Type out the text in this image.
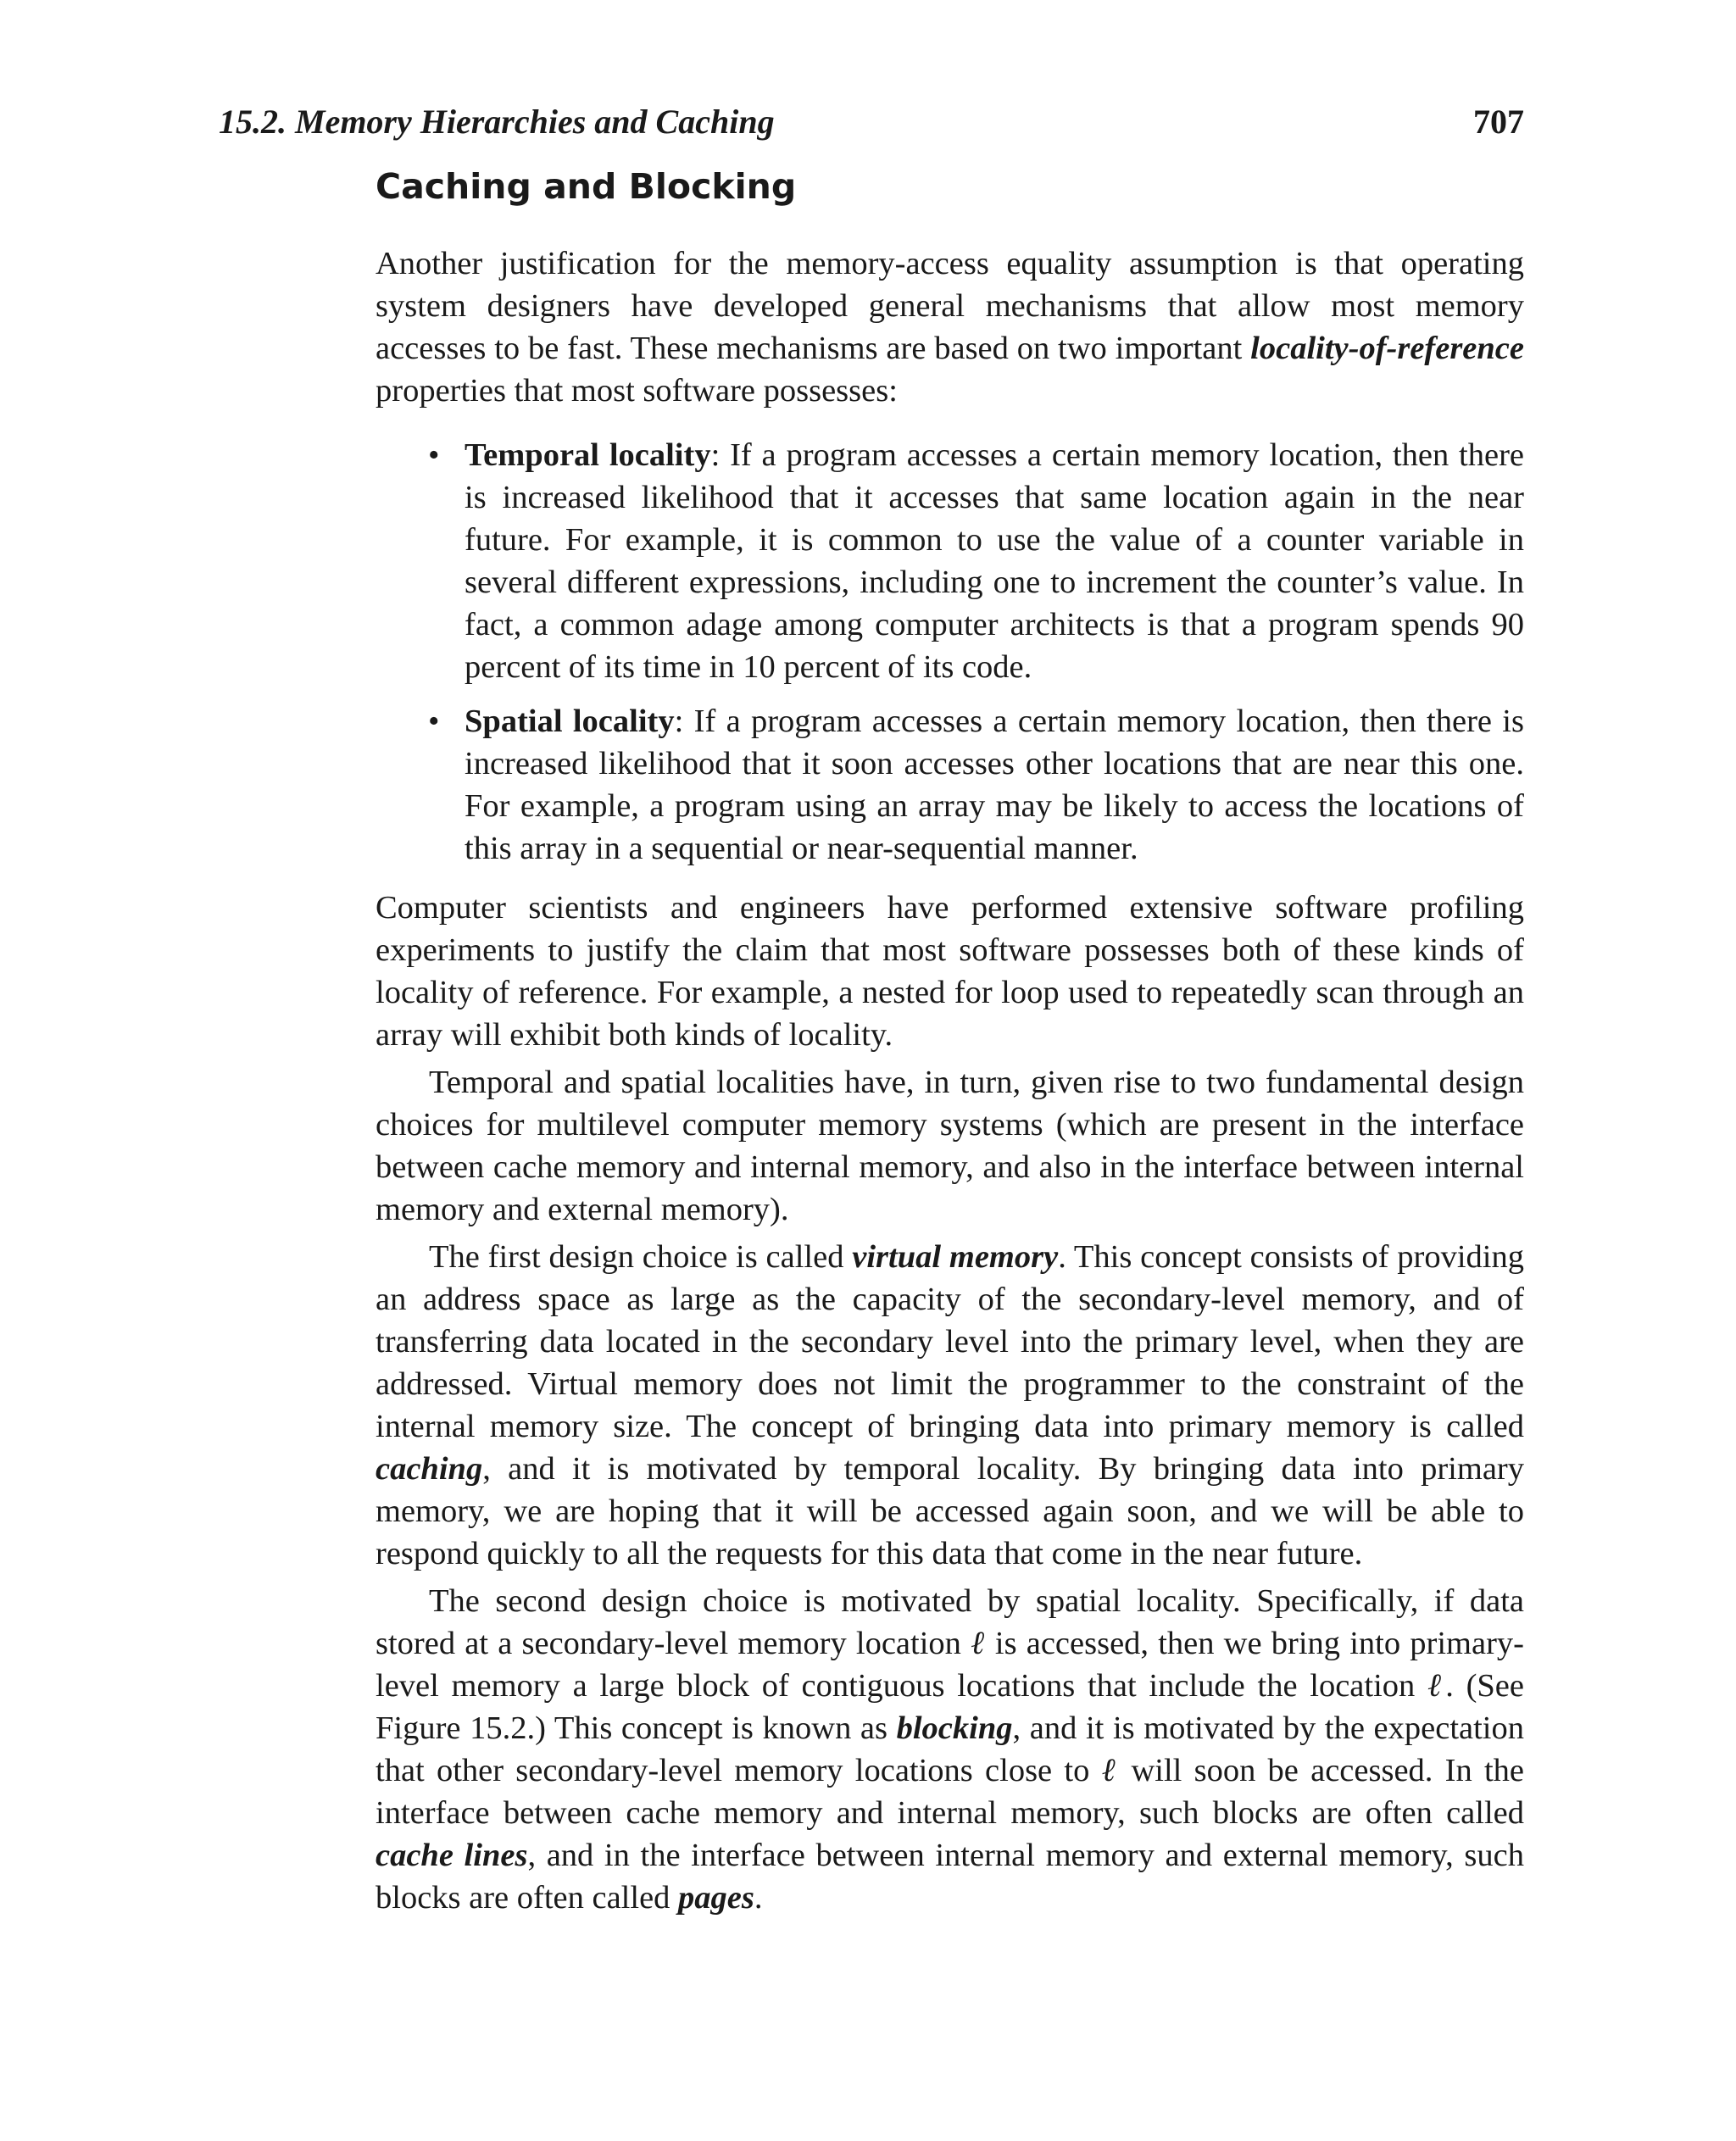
15.2. Memory Hierarchies and Caching	707
Caching and Blocking

Another justification for the memory-access equality assumption is that operating system designers have developed general mechanisms that allow most memory accesses to be fast. These mechanisms are based on two important locality-of-reference properties that most software possesses:

• Temporal locality: If a program accesses a certain memory location, then there is increased likelihood that it accesses that same location again in the near future. For example, it is common to use the value of a counter variable in several different expressions, including one to increment the counter’s value. In fact, a common adage among computer architects is that a program spends 90 percent of its time in 10 percent of its code.
• Spatial locality: If a program accesses a certain memory location, then there is increased likelihood that it soon accesses other locations that are near this one. For example, a program using an array may be likely to access the locations of this array in a sequential or near-sequential manner.

Computer scientists and engineers have performed extensive software profiling experiments to justify the claim that most software possesses both of these kinds of locality of reference. For example, a nested for loop used to repeatedly scan through an array will exhibit both kinds of locality.

Temporal and spatial localities have, in turn, given rise to two fundamental design choices for multilevel computer memory systems (which are present in the interface between cache memory and internal memory, and also in the interface between internal memory and external memory).

The first design choice is called virtual memory. This concept consists of providing an address space as large as the capacity of the secondary-level memory, and of transferring data located in the secondary level into the primary level, when they are addressed. Virtual memory does not limit the programmer to the constraint of the internal memory size. The concept of bringing data into primary memory is called caching, and it is motivated by temporal locality. By bringing data into primary memory, we are hoping that it will be accessed again soon, and we will be able to respond quickly to all the requests for this data that come in the near future.

The second design choice is motivated by spatial locality. Specifically, if data stored at a secondary-level memory location ℓ is accessed, then we bring into primary-level memory a large block of contiguous locations that include the location ℓ. (See Figure 15.2.) This concept is known as blocking, and it is motivated by the expectation that other secondary-level memory locations close to ℓ will soon be accessed. In the interface between cache memory and internal memory, such blocks are often called cache lines, and in the interface between internal memory and external memory, such blocks are often called pages.
